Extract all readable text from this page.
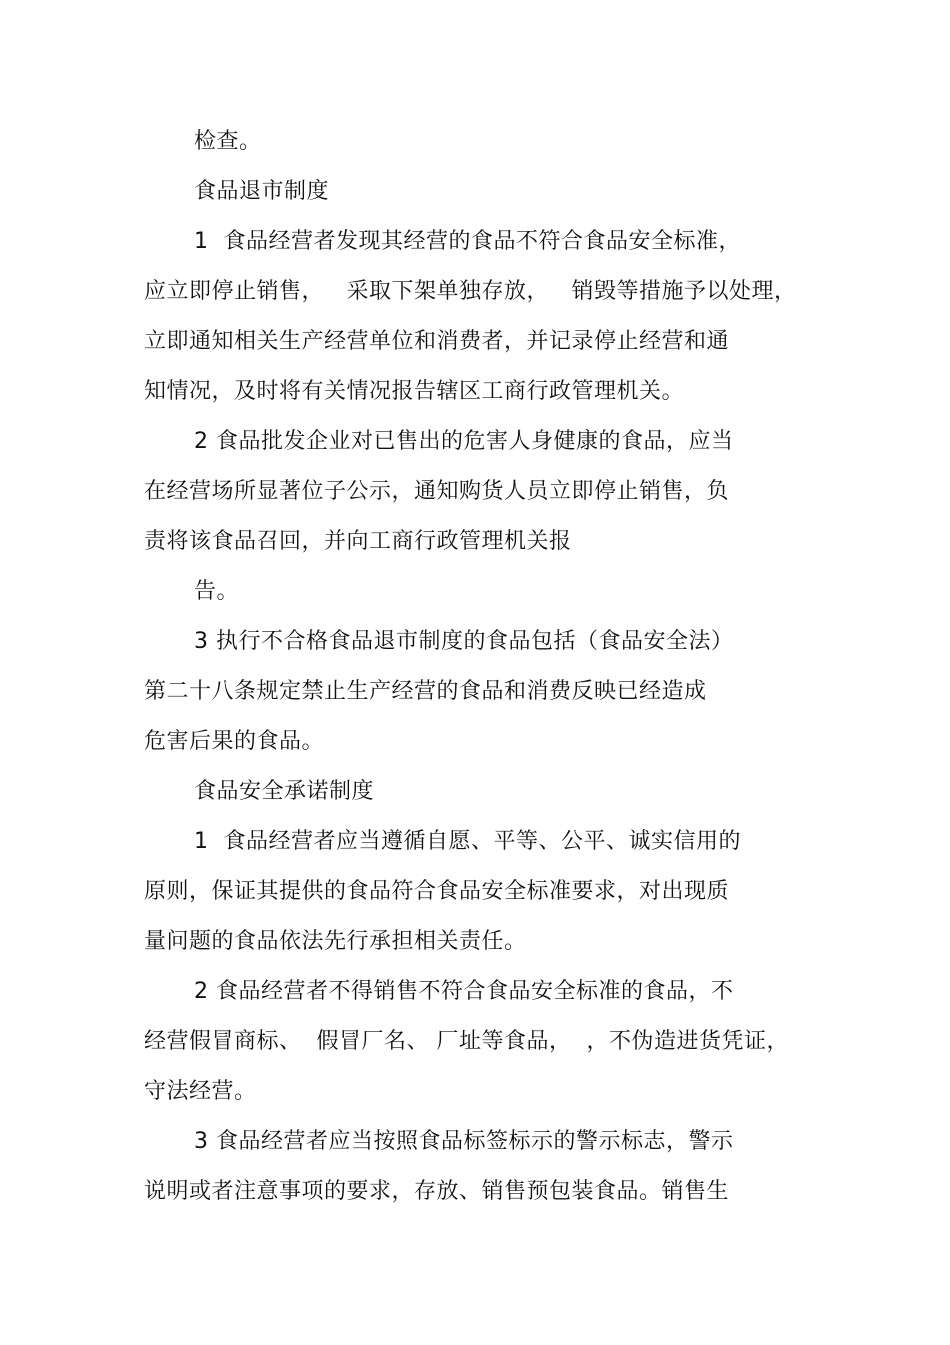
检查。
食品退市制度
1  食品经营者发现其经营的食品不符合食品安全标准，
应立即停止销售，   采取下架单独存放，   销毁等措施予以处理，
立即通知相关生产经营单位和消费者，并记录停止经营和通
知情况，及时将有关情况报告辖区工商行政管理机关。
2 食品批发企业对已售出的危害人身健康的食品，应当
在经营场所显著位子公示，通知购货人员立即停止销售，负
责将该食品召回，并向工商行政管理机关报
告。
3 执行不合格食品退市制度的食品包括（食品安全法）
第二十八条规定禁止生产经营的食品和消费反映已经造成
危害后果的食品。
食品安全承诺制度
1  食品经营者应当遵循自愿、平等、公平、诚实信用的
原则，保证其提供的食品符合食品安全标准要求，对出现质
量问题的食品依法先行承担相关责任。
2 食品经营者不得销售不符合食品安全标准的食品，不
经营假冒商标、  假冒厂名、 厂址等食品，  ，不伪造进货凭证，
守法经营。
3 食品经营者应当按照食品标签标示的警示标志，警示
说明或者注意事项的要求，存放、销售预包装食品。销售生
